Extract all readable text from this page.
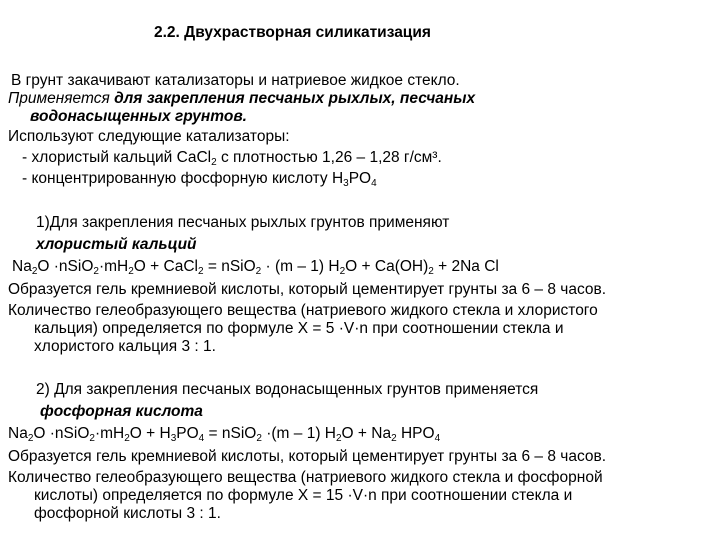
2.2. Двухрастворная силикатизация
В грунт закачивают катализаторы и натриевое жидкое стекло.
Применяется для закрепления песчаных рыхлых, песчаных
водонасыщенных грунтов.
Используют следующие катализаторы:
- хлористый кальций CaCl$_2$ с плотностью 1,26 – 1,28 г/см³.
- концентрированную фосфорную кислоту $H_3PO_4$
1)Для закрепления песчаных рыхлых грунтов применяют
хлористый кальций
$Na_2O$ $\cdot nSiO_2\cdot mH_2O$ + CaCl$_2$ = nSiO$_2$ · (m – 1) $H_2O + Ca(OH)_2 + 2Na$ Cl
Образуется гель кремниевой кислоты, который цементирует грунты за 6 – 8 часов.
Количество гелеобразующего вещества (натриевого жидкого стекла и хлористого
кальция) определяется по формуле Х = 5 ·V·n при соотношении стекла и
хлористого кальция 3 : 1.
2) Для закрепления песчаных водонасыщенных грунтов применяется
фосфорная кислота
$Na_2O$ $\cdot nSiO_2\cdot mH_2O + H_3PO_4$ = nSiO$_2$ ·(m – 1) $H_2O + Na_2$ $HPO_4$
Образуется гель кремниевой кислоты, который цементирует грунты за 6 – 8 часов.
Количество гелеобразующего вещества (натриевого жидкого стекла и фосфорной
кислоты) определяется по формуле Х = 15 ·V·n при соотношении стекла и
фосфорной кислоты 3 : 1.
